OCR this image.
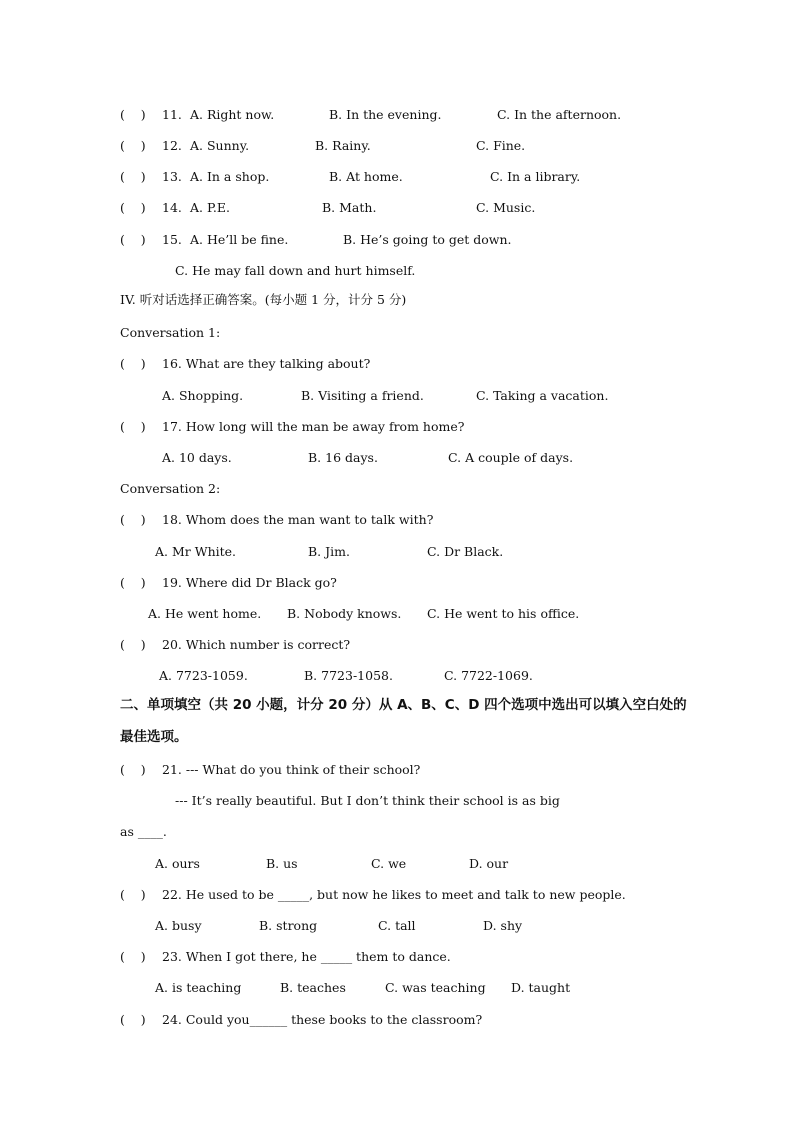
(    ) 11. A. Right now.	B. In the evening.	C. In the afternoon.
(    ) 12. A. Sunny.	B. Rainy.	C. Fine.
(    ) 13. A. In a shop.	B. At home.	C. In a library.
(    ) 14. A. P.E.	B. Math.	C. Music.
(    ) 15. A. He’ll be fine.	B. He’s going to get down.
C. He may fall down and hurt himself.
IV. 听对话选择正确答案。(每小题 1 分，计分 5 分)
Conversation 1:
(    ) 16. What are they talking about?
A. Shopping.	B. Visiting a friend.	C. Taking a vacation.
(    ) 17. How long will the man be away from home?
A. 10 days.	B. 16 days.	C. A couple of days.
Conversation 2:
(    ) 18. Whom does the man want to talk with?
A. Mr White.	B. Jim.	C. Dr Black.
(    ) 19. Where did Dr Black go?
A. He went home. B. Nobody knows. C. He went to his office.
(    ) 20. Which number is correct?
A. 7723-1059.	B. 7723-1058.	C. 7722-1069.
二、单项填空（共 20 小题，计分 20 分）从 A、B、C、D 四个选项中选出可以填入空白处的
最佳选项。
(    ) 21. --- What do you think of their school?
--- It’s really beautiful. But I don’t think their school is as big
as ____.
A. ours	B. us	C. we	D. our
(    ) 22. He used to be _____, but now he likes to meet and talk to new people.
A. busy	B. strong	C. tall	D. shy
(    ) 23. When I got there, he _____ them to dance.
A. is teaching	B. teaches	C. was teaching D. taught
(    ) 24. Could you______ these books to the classroom?
